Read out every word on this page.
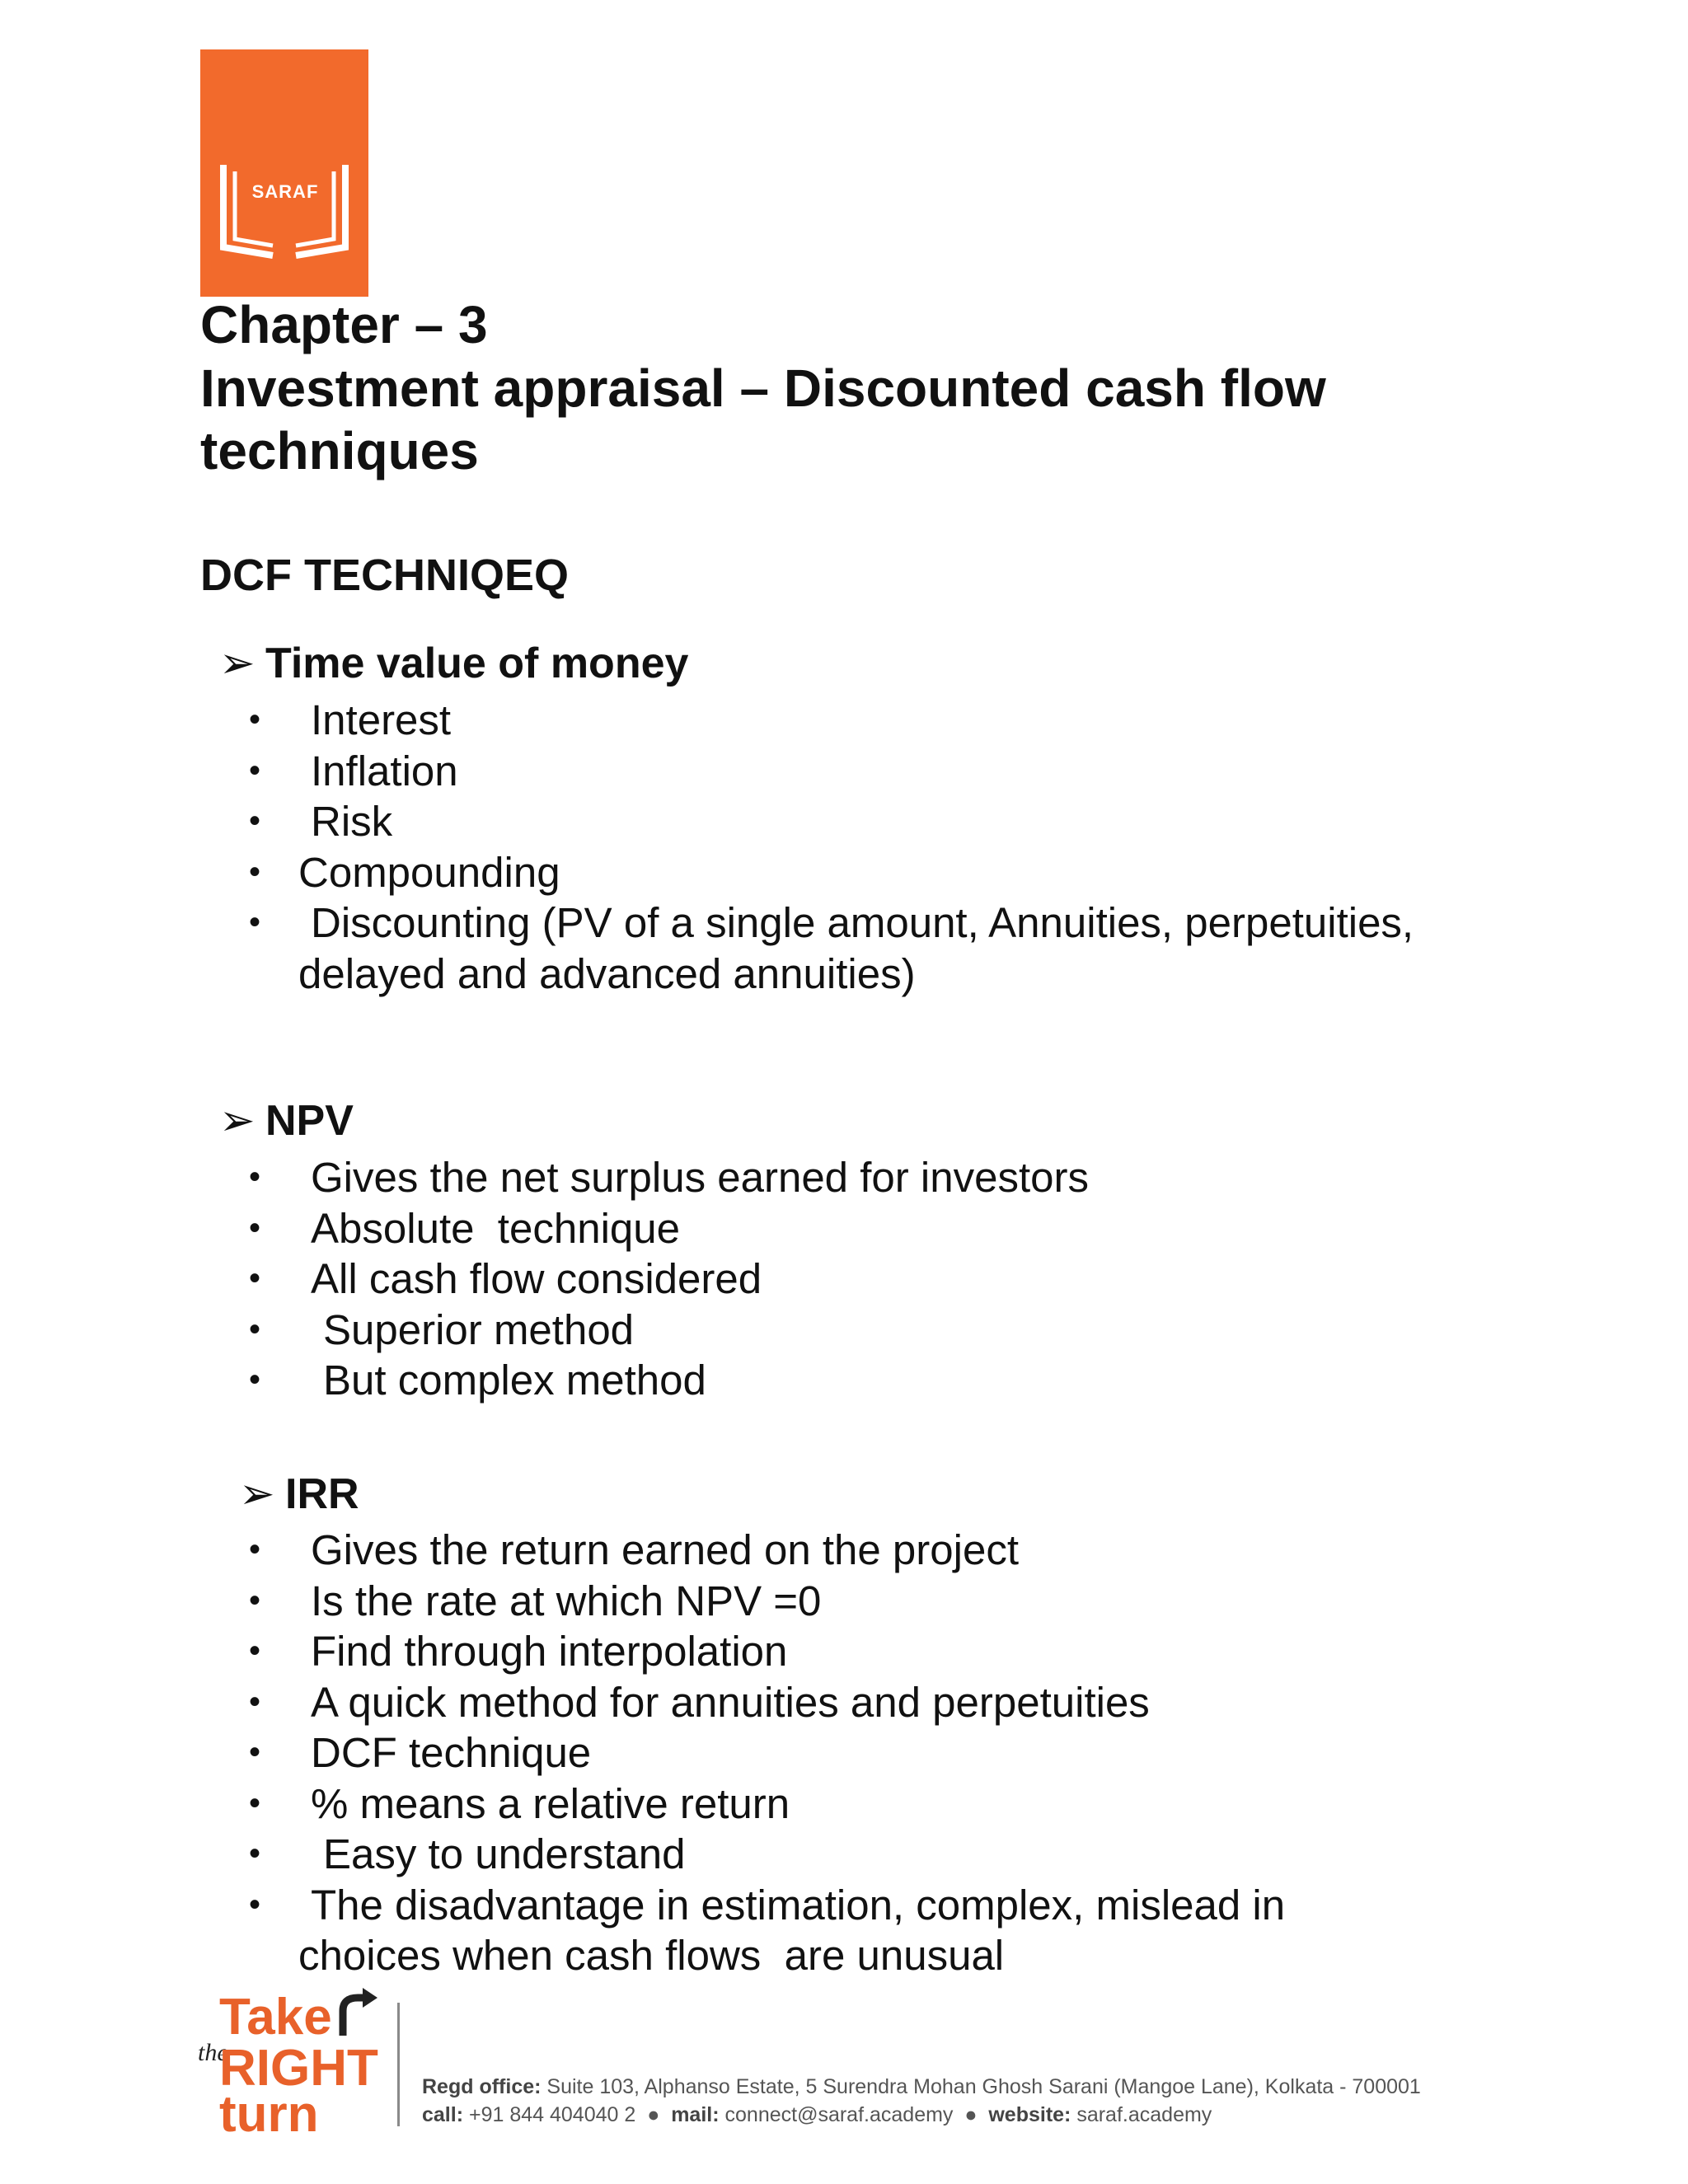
SARAF
Chapter – 3
Investment appraisal – Discounted cash flow
techniques
DCF TECHNIQEQ
➢ Time value of money
• Interest
• Inflation
• Risk
• Compounding
• Discounting (PV of a single amount, Annuities, perpetuities,
delayed and advanced annuities)
➢ NPV
• Gives the net surplus earned for investors
• Absolute  technique
• All cash flow considered
• Superior method
• But complex method
➢ IRR
• Gives the return earned on the project
• Is the rate at which NPV =0
• Find through interpolation
• A quick method for annuities and perpetuities
• DCF technique
• % means a relative return
• Easy to understand
• The disadvantage in estimation, complex, mislead in
choices when cash flows  are unusual
Take
the
RIGHT
turn	Regd office: Suite 103, Alphanso Estate, 5 Surendra Mohan Ghosh Sarani (Mangoe Lane), Kolkata - 700001
call: +91 844 404040 2 ● mail: connect@saraf.academy ● website: saraf.academy
